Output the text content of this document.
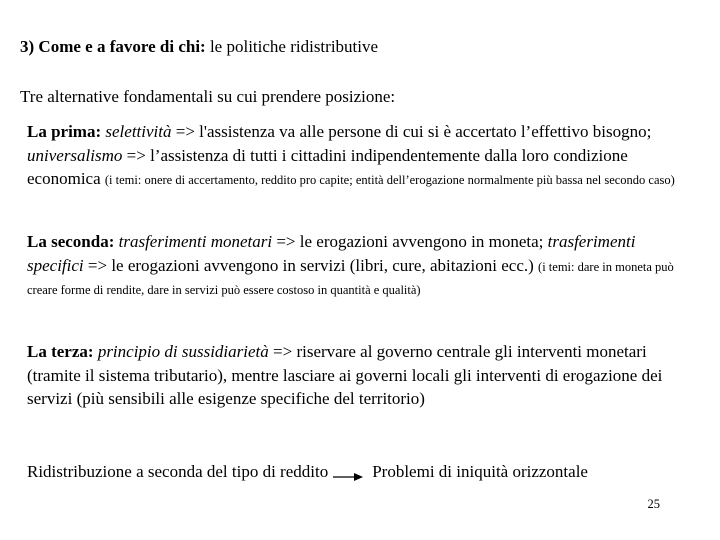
3) Come e a favore di chi: le politiche ridistributive
Tre alternative fondamentali su cui prendere posizione:
La prima: selettività => l'assistenza va alle persone di cui si è accertato l’effettivo bisogno; universalismo => l’assistenza di tutti i cittadini indipendentemente dalla loro condizione economica (i temi: onere di accertamento, reddito pro capite; entità dell’erogazione normalmente più bassa nel secondo caso)
La seconda: trasferimenti monetari => le erogazioni avvengono in moneta; trasferimenti specifici => le erogazioni avvengono in servizi (libri, cure, abitazioni ecc.) (i temi: dare in moneta può creare forme di rendite, dare in servizi può essere costoso in quantità e qualità)
La terza: principio di sussidiarietà => riservare al governo centrale gli interventi monetari (tramite il sistema tributario), mentre lasciare ai governi locali gli interventi di erogazione dei servizi (più sensibili alle esigenze specifiche del territorio)
Ridistribuzione a seconda del tipo di reddito	Problemi di iniquità orizzontale
25
